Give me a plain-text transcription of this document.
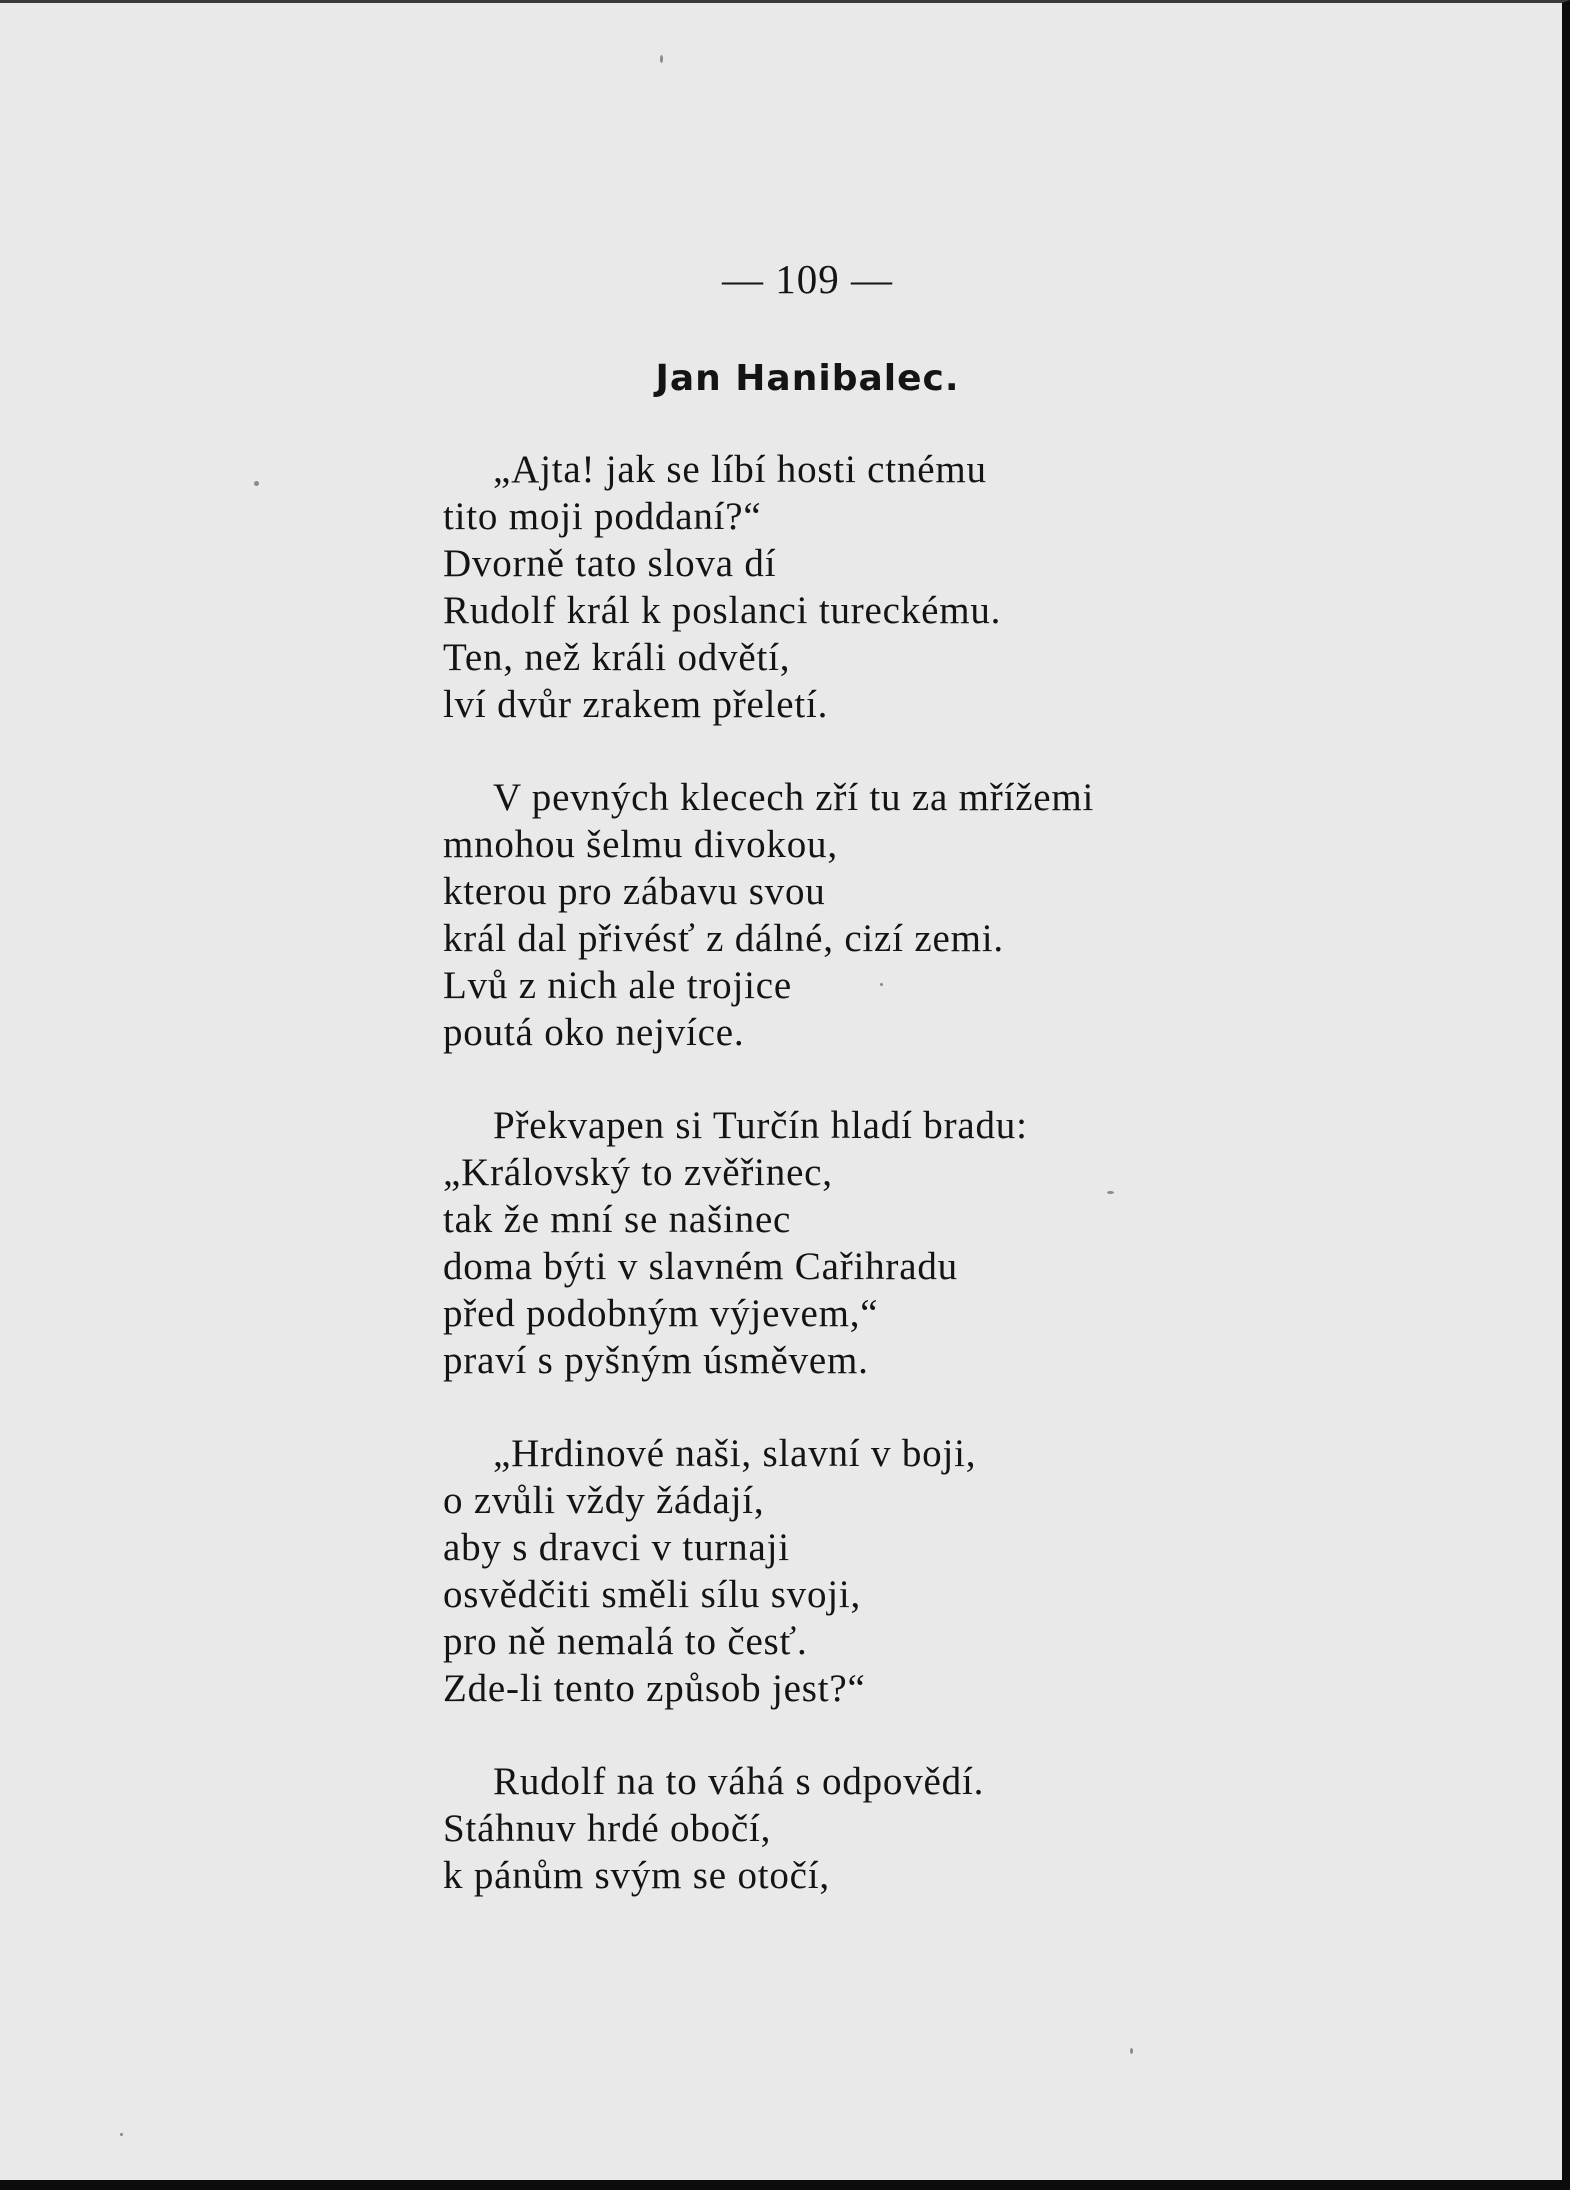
— 109 —
Jan Hanibalec.
„Ajta! jak se líbí hosti ctnému
tito moji poddaní?“
Dvorně tato slova dí
Rudolf král k poslanci tureckému.
Ten, než králi odvětí,
lví dvůr zrakem přeletí.
V pevných klecech zří tu za mřížemi
mnohou šelmu divokou,
kterou pro zábavu svou
král dal přivésť z dálné, cizí zemi.
Lvů z nich ale trojice
poutá oko nejvíce.
Překvapen si Turčín hladí bradu:
„Královský to zvěřinec,
tak že mní se našinec
doma býti v slavném Cařihradu
před podobným výjevem,“
praví s pyšným úsměvem.
„Hrdinové naši, slavní v boji,
o zvůli vždy žádají,
aby s dravci v turnaji
osvědčiti směli sílu svoji,
pro ně nemalá to česť.
Zde-li tento způsob jest?“
Rudolf na to váhá s odpovědí.
Stáhnuv hrdé obočí,
k pánům svým se otočí,
